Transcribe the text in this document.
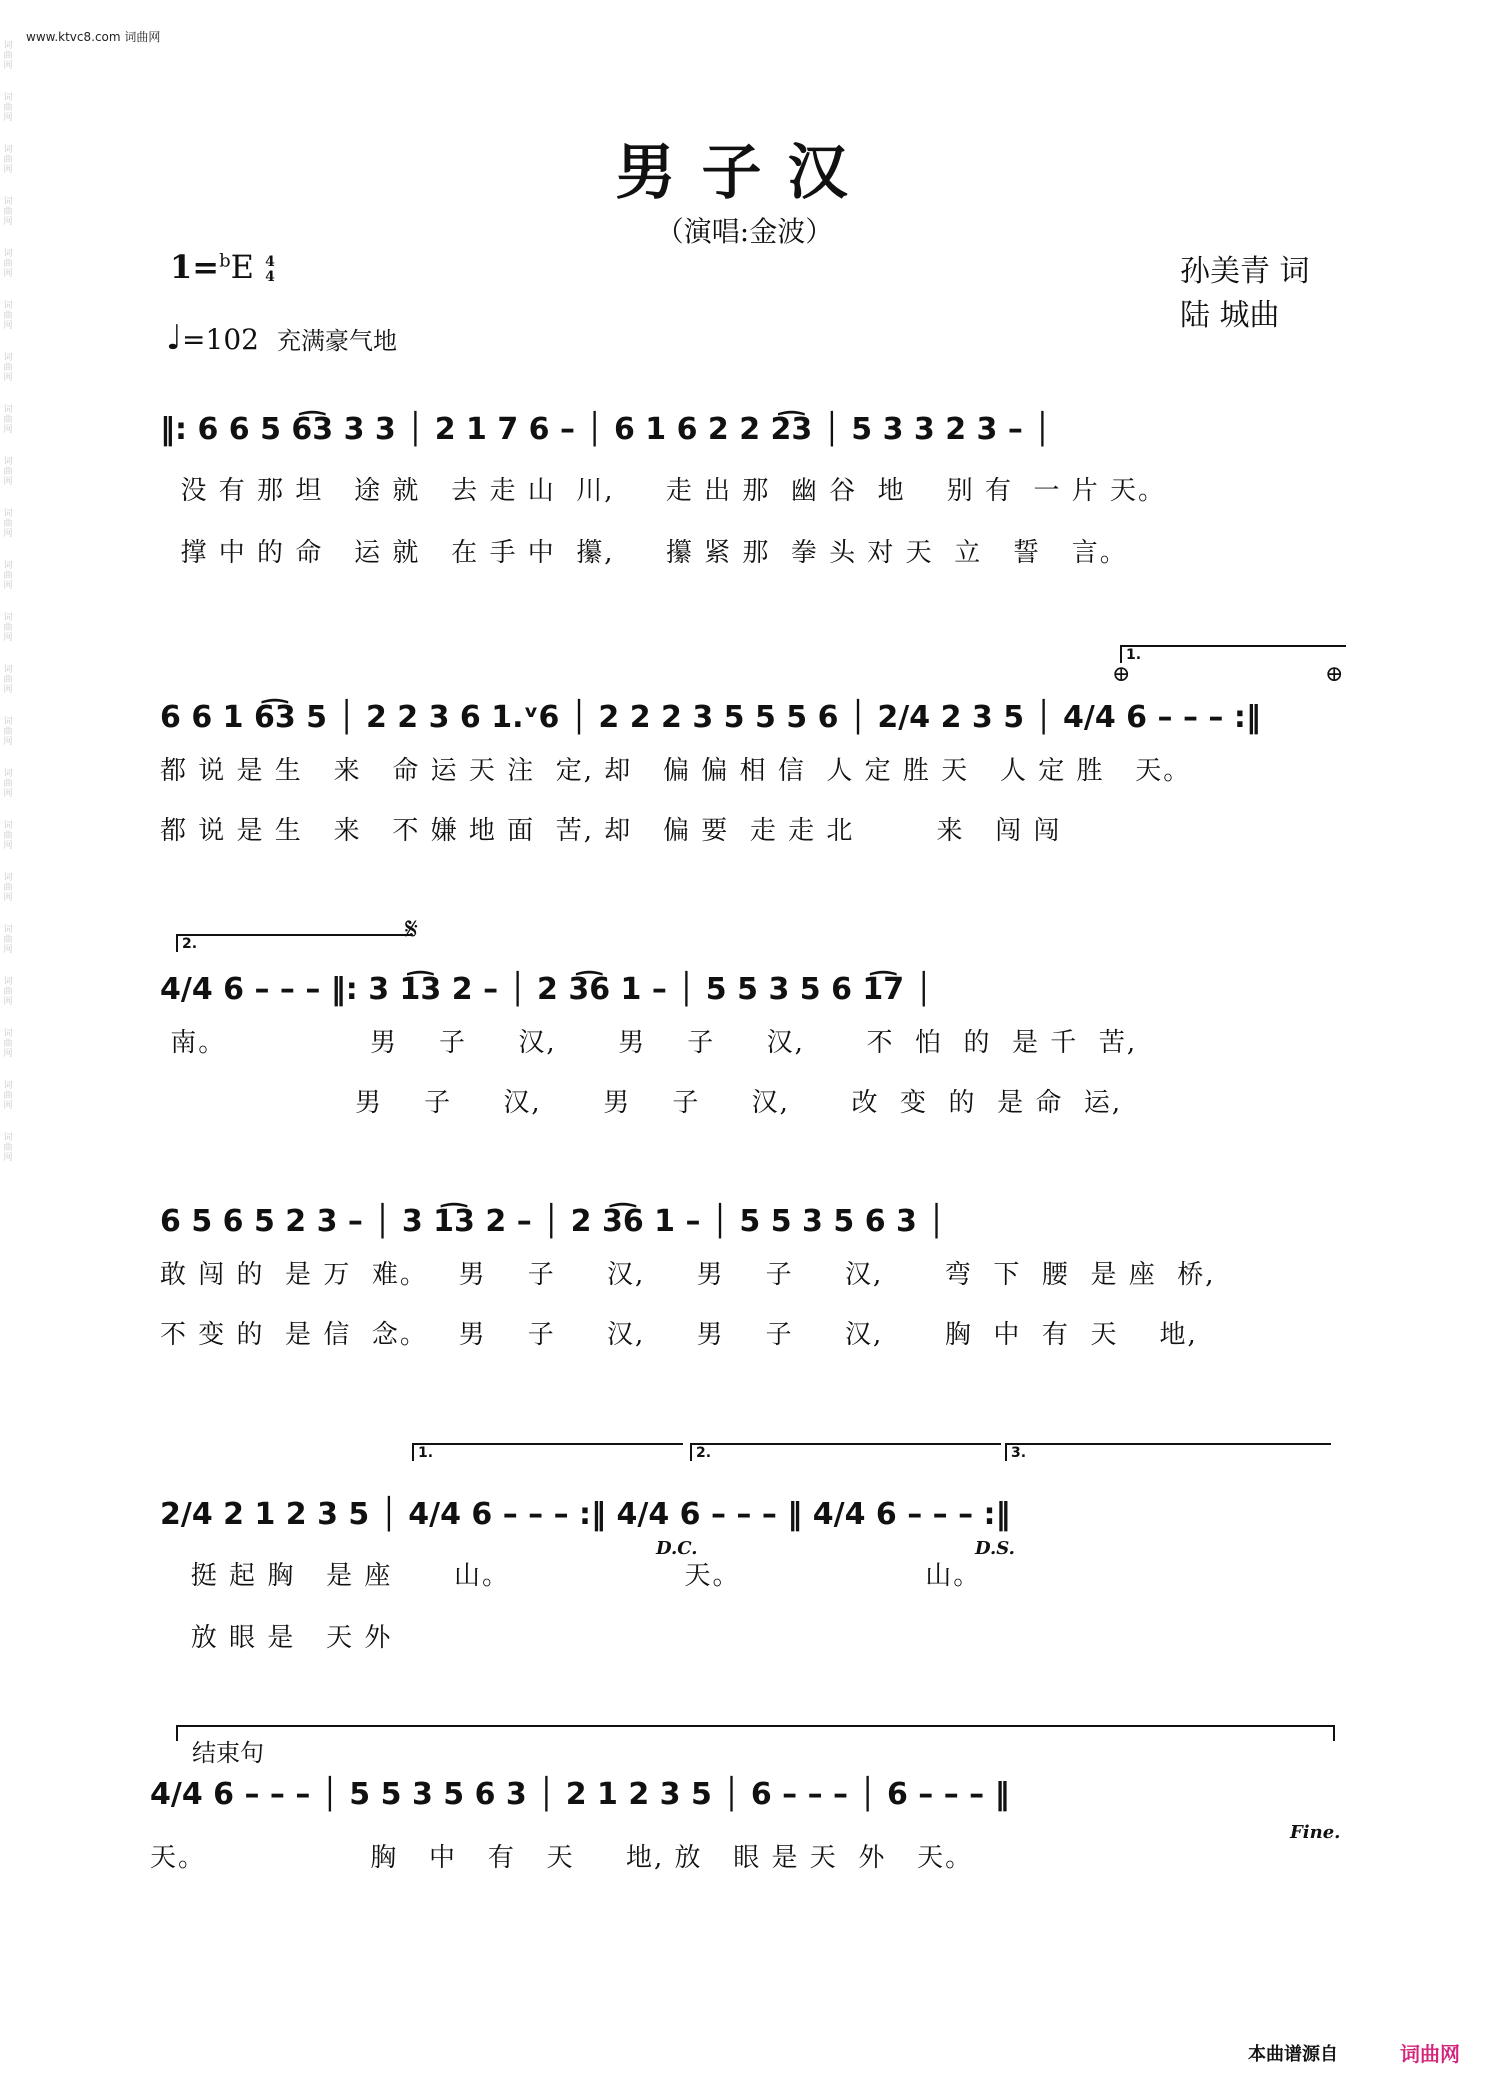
词曲网
词曲网
词曲网
词曲网
词曲网
词曲网
词曲网
词曲网
词曲网
词曲网
词曲网
词曲网
词曲网
词曲网
词曲网
词曲网
词曲网
词曲网
词曲网
词曲网
词曲网
词曲网
www.ktvc8.com 词曲网
男子汉
（演唱:金波）
1=$^b$E 4
4
♩=102 充满豪气地
孙美青 词
陆 城曲
‖: 6 6 5 6͡3 3 3 │ 2 1 7 6 – │ 6 1 6 2 2 2͡3 │ 5 3 3 2 3 – │
没 有 那 坦   途 就   去 走 山  川,     走 出 那  幽 谷  地    别 有  一 片 天。
撑 中 的 命   运 就   在 手 中  攥,     攥 紧 那  拳 头 对 天  立   誓   言。
1.
⊕	⊕
6 6 1 6͡3 5 │ 2 2 3 6 1.ᵛ6 │ 2 2 2 3 5 5 5 6 │ 2/4 2 3 5 │ 4/4 6 – – – :‖
都 说 是 生   来   命 运 天 注  定, 却   偏 偏 相 信  人 定 胜 天   人 定 胜   天。
都 说 是 生   来   不 嫌 地 面  苦, 却   偏 要  走 走 北        来   闯 闯
2.	𝄋
4/4 6 – – – ‖: 3 1͡3 2 – │ 2 3͡6 1 – │ 5 5 3 5 6 1͡7 │
南。              男    子     汉,      男    子     汉,      不  怕  的  是 千  苦,
男    子     汉,      男    子     汉,      改  变  的  是 命  运,
6 5 6 5 2 3 – │ 3 1͡3 2 – │ 2 3͡6 1 – │ 5 5 3 5 6 3 │
敢 闯 的  是 万  难。   男    子     汉,     男    子     汉,      弯  下  腰  是 座  桥,
不 变 的  是 信  念。   男    子     汉,     男    子     汉,      胸  中  有  天    地,
1.	2.	3.
2/4 2 1 2 3 5 │ 4/4 6 – – – :‖ 4/4 6 – – – ‖ 4/4 6 – – – :‖
挺 起 胸   是 座      山。                 天。                  山。
放 眼 是   天 外
D.C.	D.S.
结束句
4/4 6 – – – │ 5 5 3 5 6 3 │ 2 1 2 3 5 │ 6 – – – │ 6 – – – ‖
天。                胸   中   有   天     地, 放   眼 是 天  外   天。
Fine.
本曲谱源自	词曲网
